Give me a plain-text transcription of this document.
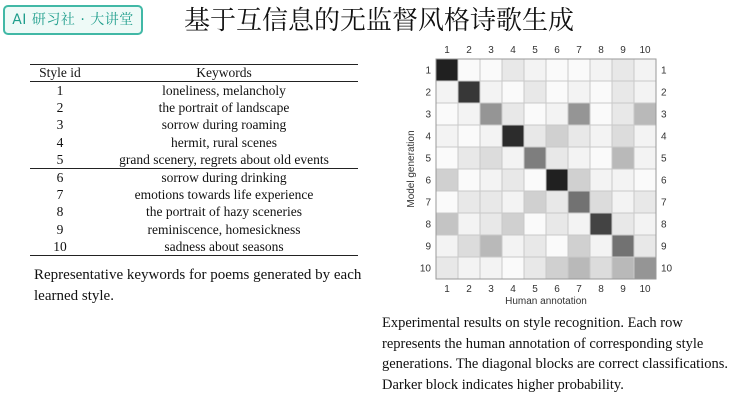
AI 研习社 · 大讲堂	基于互信息的无监督风格诗歌生成
Style id	Keywords
1	loneliness, melancholy
2	the portrait of landscape
3	sorrow during roaming
4	hermit, rural scenes
5	grand scenery, regrets about old events
6	sorrow during drinking
7	emotions towards life experience
8	the portrait of hazy sceneries
9	reminiscence, homesickness
10	sadness about seasons
Representative keywords for poems generated by each learned style.
1
1
2
2
3
3
4
4
5
5
6
6
7
7
8
8
9
9
10
10
1	1
2	2
3	3
4	4
5	5
6	6
7	7
8	8
9	9
10	10
Human annotation
Model generation
Experimental results on style recognition. Each row represents the human annotation of corresponding style generations. The diagonal blocks are correct classifications. Darker block indicates higher probability.
